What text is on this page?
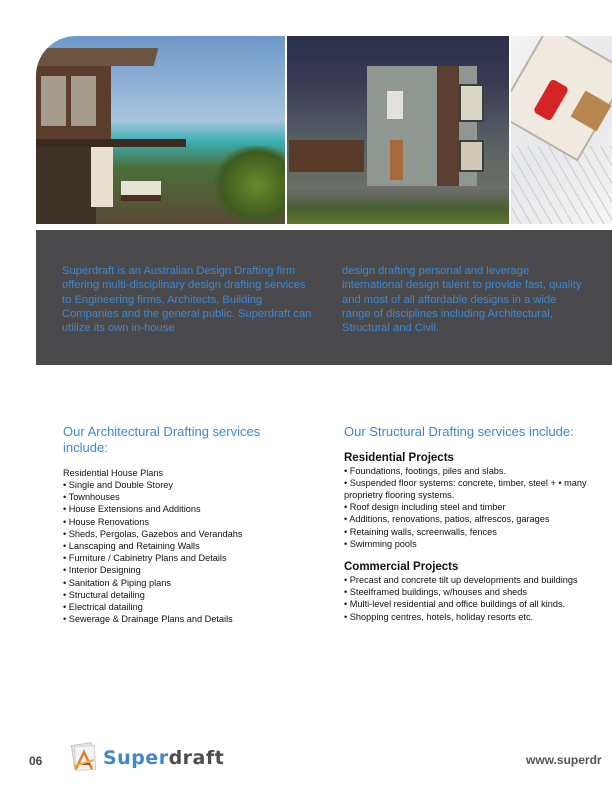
Superdraft is an Australian Design Drafting firm offering multi-disciplinary design drafting services to Engineering firms, Architects, Building Companies and the general public. Superdraft can utilize its own in-house
design drafting personal and leverage international design talent to provide fast, quality and most of all affordable designs in a wide range of disciplines including Architectural, Structural and Civil.
Our Architectural Drafting services include:
Residential House Plans
• Single and Double Storey
• Townhouses
• House Extensions and Additions
• House Renovations
• Sheds, Pergolas, Gazebos and Verandahs
• Lanscaping and Retaining Walls
• Furniture / Cabinetry Plans and Details
• Interior Designing
• Sanitation & Piping plans
• Structural detailing
• Electrical datailing
• Sewerage & Drainage Plans and Details
Our Structural Drafting services include:
Residential Projects
• Foundations, footings, piles and slabs.
• Suspended floor systems: concrete, timber, steel + • many proprietry flooring systems.
• Roof design including steel and timber
• Additions, renovations, patios, alfrescos, garages
• Retaining walls, screenwalls, fences
• Swimming pools
Commercial Projects
• Precast and concrete tilt up developments and buildings
• Steelframed buildings, w/houses and sheds
• Multi-level residential and office buildings of all kinds.
• Shopping centres, hotels, holiday resorts etc.
06	Superdraft	www.superdr
